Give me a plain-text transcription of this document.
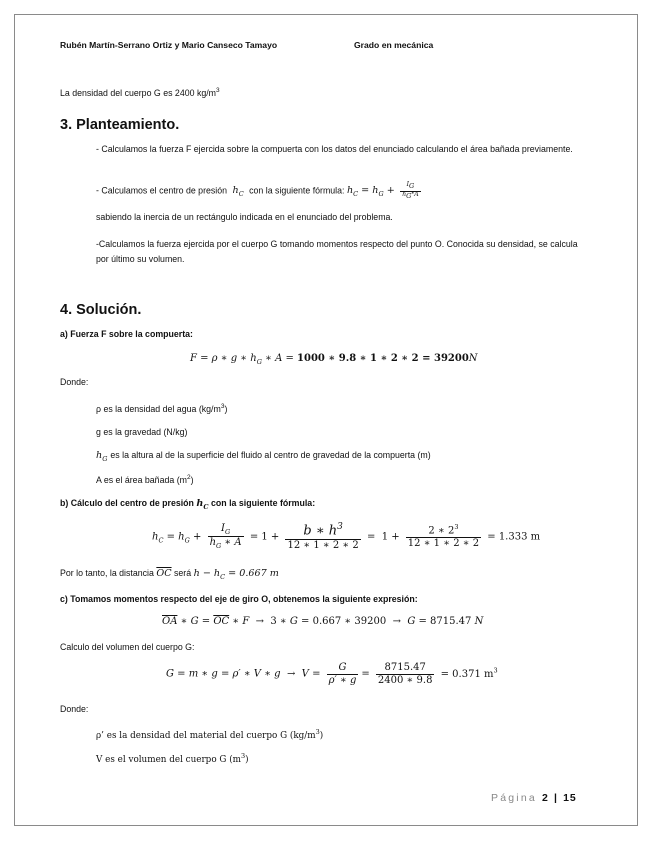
Rubén Martín-Serrano Ortiz y Mario Canseco Tamayo	Grado en mecánica
La densidad del cuerpo G es 2400 $kg/m^3$
3. Planteamiento.
- Calculamos la fuerza F ejercida sobre la compuerta con los datos del enunciado calculando el área bañada previamente.
- Calculamos el centro de presión $h_C$ con la siguiente fórmula: $h_C = h_G + \frac{I_G}{h_G*A}$
sabiendo la inercia de un rectángulo indicada en el enunciado del problema.
-Calculamos la fuerza ejercida por el cuerpo G tomando momentos respecto del punto O. Conocida su densidad, se calcula por último su volumen.
4. Solución.
a) Fuerza F sobre la compuerta:
F = ρ ∗ g ∗ $h_G$ ∗ A = 1000 ∗ 9.8 ∗ 1 ∗ 2 ∗ 2 = 39200N
Donde:
ρ es la densidad del agua $(kg/m^3)$
g es la gravedad (N/kg)
$h_G$ es la altura al de la superficie del fluido al centro de gravedad de la compuerta (m)
A es el área bañada $(m^2)$
b) Cálculo del centro de presión $h_C$ con la siguiente fórmula:
$h_C = h_G + \frac{I_G}{h_G ∗ A} = 1 + \frac{b ∗ h^3}{12 ∗ 1 ∗ 2 ∗ 2} = 1 + \frac{2 ∗ 2^3}{12 ∗ 1 ∗ 2 ∗ 2} = 1.333$ m
Por lo tanto, la distancia $\overline{OC}$ será $h - h_C = 0.667$ m
c) Tomamos momentos respecto del eje de giro O, obtenemos la siguiente expresión:
$\overline{OA}$ ∗ $G = \overline{OC}$ ∗ F  →  3 ∗ G = 0.667 ∗ 39200  →  G = 8715.47 N
Calculo del volumen del cuerpo G:
G = m ∗ g = ρ′ ∗ V ∗ $g \to V = \frac{G}{\rho' ∗ g} = \frac{8715.47}{2400 ∗ 9.8} = 0.371$ $m^3$
Donde:
ρ’ es la densidad del material del cuerpo G $(kg/m^3)$
V es el volumen del cuerpo G $(m^3)$
Página 2 | 15
